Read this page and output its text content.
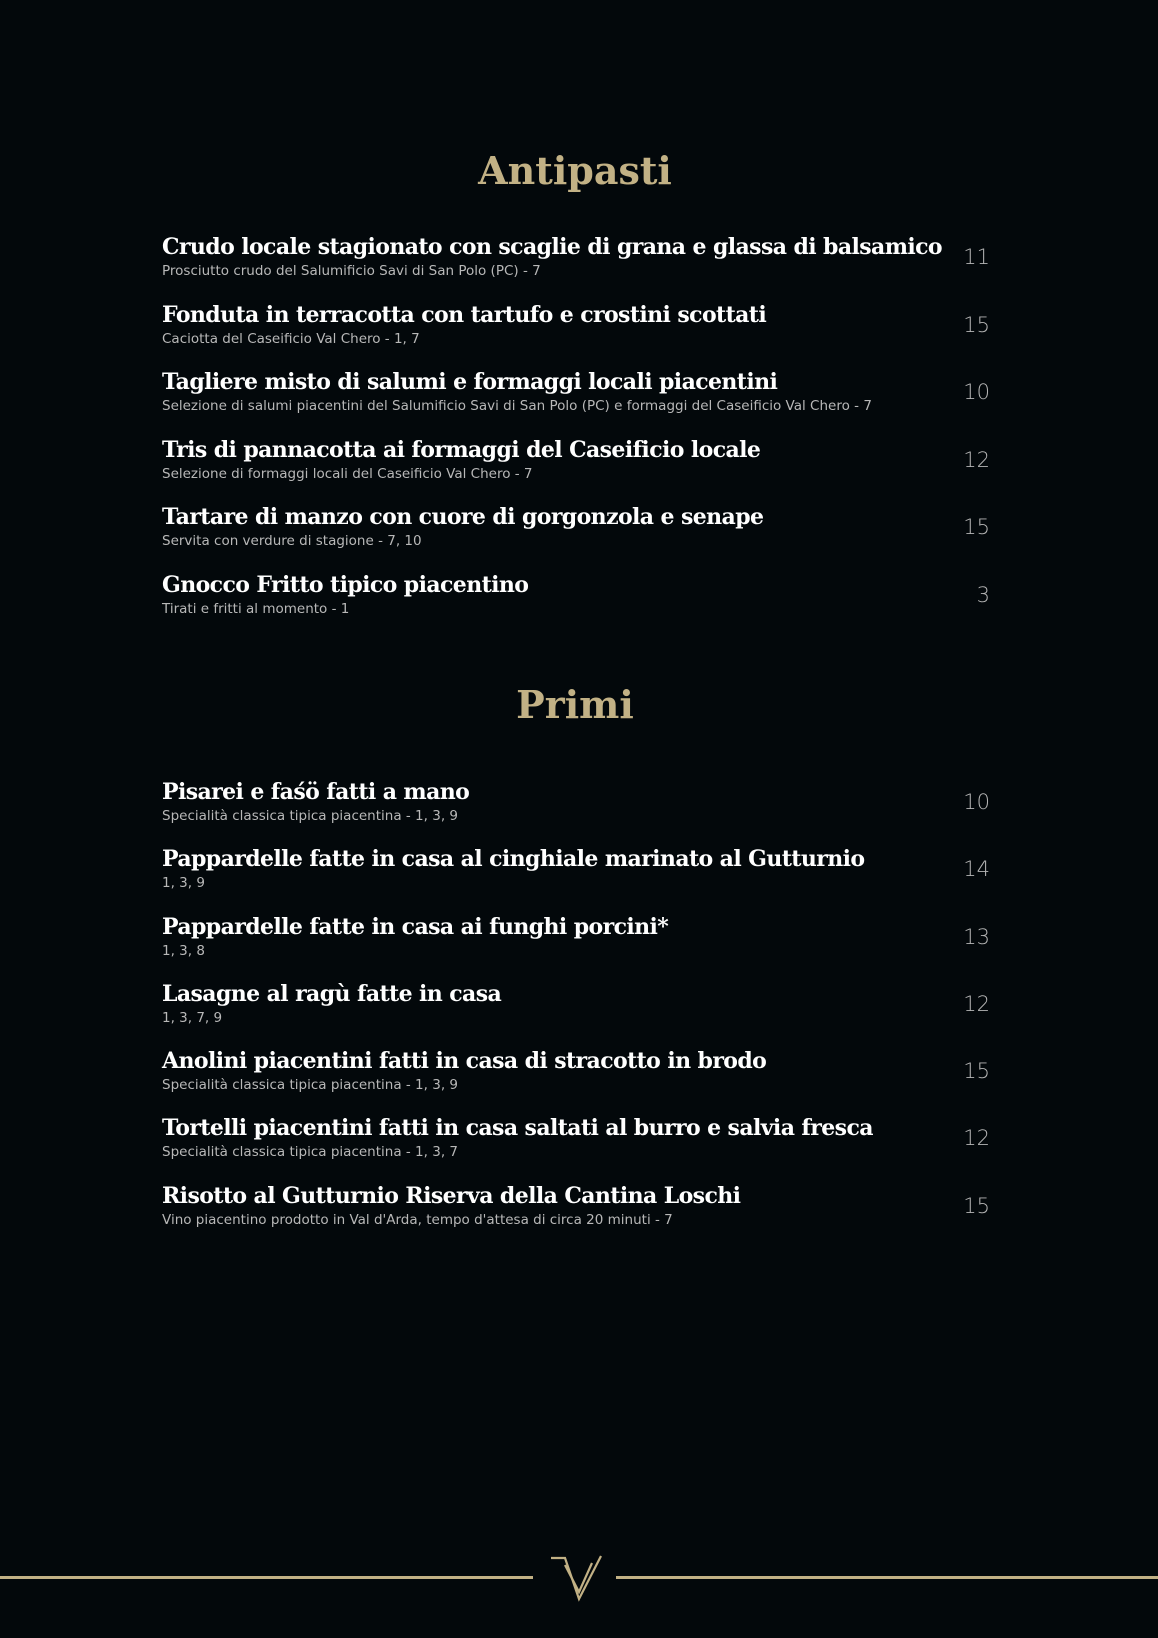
Antipasti
Crudo locale stagionato con scaglie di grana e glassa di balsamico
Prosciutto crudo del Salumificio Savi di San Polo (PC) - 7
11
Fonduta in terracotta con tartufo e crostini scottati
Caciotta del Caseificio Val Chero - 1, 7
15
Tagliere misto di salumi e formaggi locali piacentini
Selezione di salumi piacentini del Salumificio Savi di San Polo (PC) e formaggi del Caseificio Val Chero - 7
10
Tris di pannacotta ai formaggi del Caseificio locale
Selezione di formaggi locali del Caseificio Val Chero - 7
12
Tartare di manzo con cuore di gorgonzola e senape
Servita con verdure di stagione - 7, 10
15
Gnocco Fritto tipico piacentino
Tirati e fritti al momento - 1
3
Primi
Pisarei e faśö fatti a mano
Specialità classica tipica piacentina - 1, 3, 9
10
Pappardelle fatte in casa al cinghiale marinato al Gutturnio
1, 3, 9
14
Pappardelle fatte in casa ai funghi porcini*
1, 3, 8
13
Lasagne al ragù fatte in casa
1, 3, 7, 9
12
Anolini piacentini fatti in casa di stracotto in brodo
Specialità classica tipica piacentina - 1, 3, 9
15
Tortelli piacentini fatti in casa saltati al burro e salvia fresca
Specialità classica tipica piacentina - 1, 3, 7
12
Risotto al Gutturnio Riserva della Cantina Loschi
Vino piacentino prodotto in Val d'Arda, tempo d'attesa di circa 20 minuti - 7
15
